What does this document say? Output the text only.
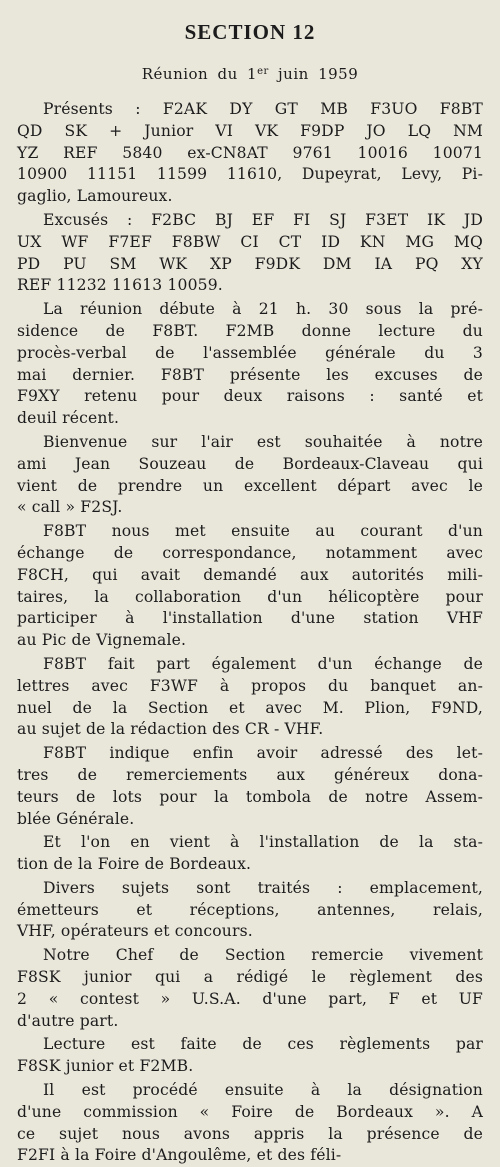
SECTION 12

Réunion du 1er juin 1959

Présents : F2AK DY GT MB F3UO F8BT
QD SK + Junior VI VK F9DP JO LQ NM
YZ REF 5840 ex-CN8AT 9761 10016 10071
10900 11151 11599 11610, Dupeyrat, Levy, Pi-
gaglio, Lamoureux.

Excusés : F2BC BJ EF FI SJ F3ET IK JD
UX WF F7EF F8BW CI CT ID KN MG MQ
PD PU SM WK XP F9DK DM IA PQ XY
REF 11232 11613 10059.

La réunion débute à 21 h. 30 sous la pré-
sidence de F8BT. F2MB donne lecture du
procès-verbal de l'assemblée générale du 3
mai dernier. F8BT présente les excuses de
F9XY retenu pour deux raisons : santé et
deuil récent.

Bienvenue sur l'air est souhaitée à notre
ami Jean Souzeau de Bordeaux-Claveau qui
vient de prendre un excellent départ avec le
« call » F2SJ.

F8BT nous met ensuite au courant d'un
échange de correspondance, notamment avec
F8CH, qui avait demandé aux autorités mili-
taires, la collaboration d'un hélicoptère pour
participer à l'installation d'une station VHF
au Pic de Vignemale.

F8BT fait part également d'un échange de
lettres avec F3WF à propos du banquet an-
nuel de la Section et avec M. Plion, F9ND,
au sujet de la rédaction des CR - VHF.

F8BT indique enfin avoir adressé des let-
tres de remerciements aux généreux dona-
teurs de lots pour la tombola de notre Assem-
blée Générale.

Et l'on en vient à l'installation de la sta-
tion de la Foire de Bordeaux.

Divers sujets sont traités : emplacement,
émetteurs et réceptions, antennes, relais,
VHF, opérateurs et concours.

Notre Chef de Section remercie vivement
F8SK junior qui a rédigé le règlement des
2 « contest » U.S.A. d'une part, F et UF
d'autre part.

Lecture est faite de ces règlements par
F8SK junior et F2MB.

Il est procédé ensuite à la désignation
d'une commission « Foire de Bordeaux ». A
ce sujet nous avons appris la présence de
F2FI à la Foire d'Angoulême, et des féli-
